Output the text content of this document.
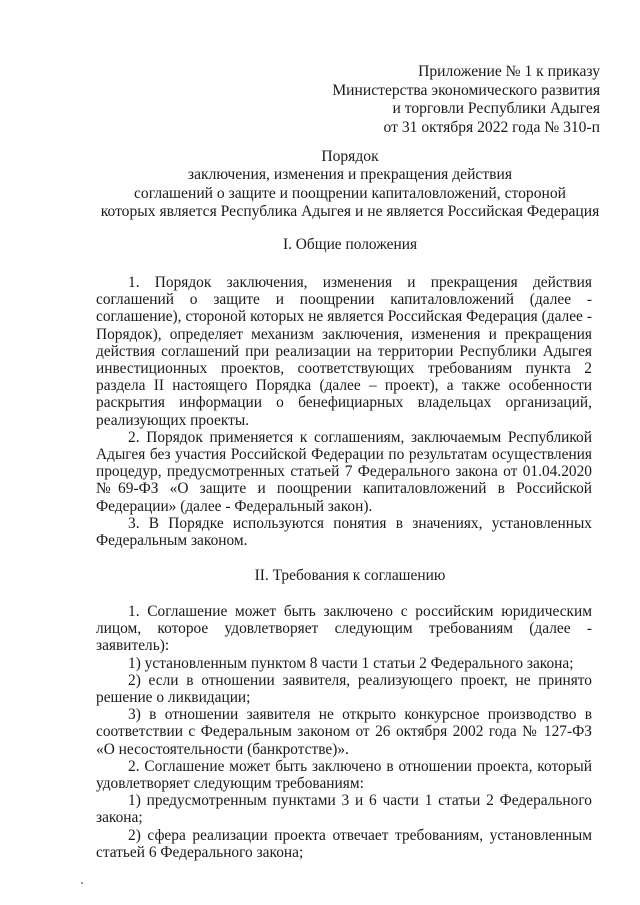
Приложение № 1 к приказу
Министерства экономического развития
и торговли Республики Адыгея
от 31 октября 2022 года № 310-п
Порядок
заключения, изменения и прекращения действия
соглашений о защите и поощрении капиталовложений, стороной
которых является Республика Адыгея и не является Российская Федерация
I. Общие положения

1. Порядок заключения, изменения и прекращения действия соглашений о защите и поощрении капиталовложений (далее - соглашение), стороной которых не является Российская Федерация (далее - Порядок), определяет механизм заключения, изменения и прекращения действия соглашений при реализации на территории Республики Адыгея инвестиционных проектов, соответствующих требованиям пункта 2 раздела II настоящего Порядка (далее – проект), а также особенности раскрытия информации о бенефициарных владельцах организаций, реализующих проекты.

2. Порядок применяется к соглашениям, заключаемым Республикой Адыгея без участия Российской Федерации по результатам осуществления процедур, предусмотренных статьей 7 Федерального закона от 01.04.2020 №69-ФЗ «О защите и поощрении капиталовложений в Российской Федерации» (далее - Федеральный закон).

3. В Порядке используются понятия в значениях, установленных Федеральным законом.

II. Требования к соглашению

1. Соглашение может быть заключено с российским юридическим лицом, которое удовлетворяет следующим требованиям (далее - заявитель):

1) установленным пунктом 8 части 1 статьи 2 Федерального закона;

2) если в отношении заявителя, реализующего проект, не принято решение о ликвидации;

3) в отношении заявителя не открыто конкурсное производство в соответствии с Федеральным законом от 26 октября 2002 года № 127-ФЗ «О несостоятельности (банкротстве)».

2. Соглашение может быть заключено в отношении проекта, который удовлетворяет следующим требованиям:

1) предусмотренным пунктами 3 и 6 части 1 статьи 2 Федерального закона;

2) сфера реализации проекта отвечает требованиям, установленным статьей 6 Федерального закона;
